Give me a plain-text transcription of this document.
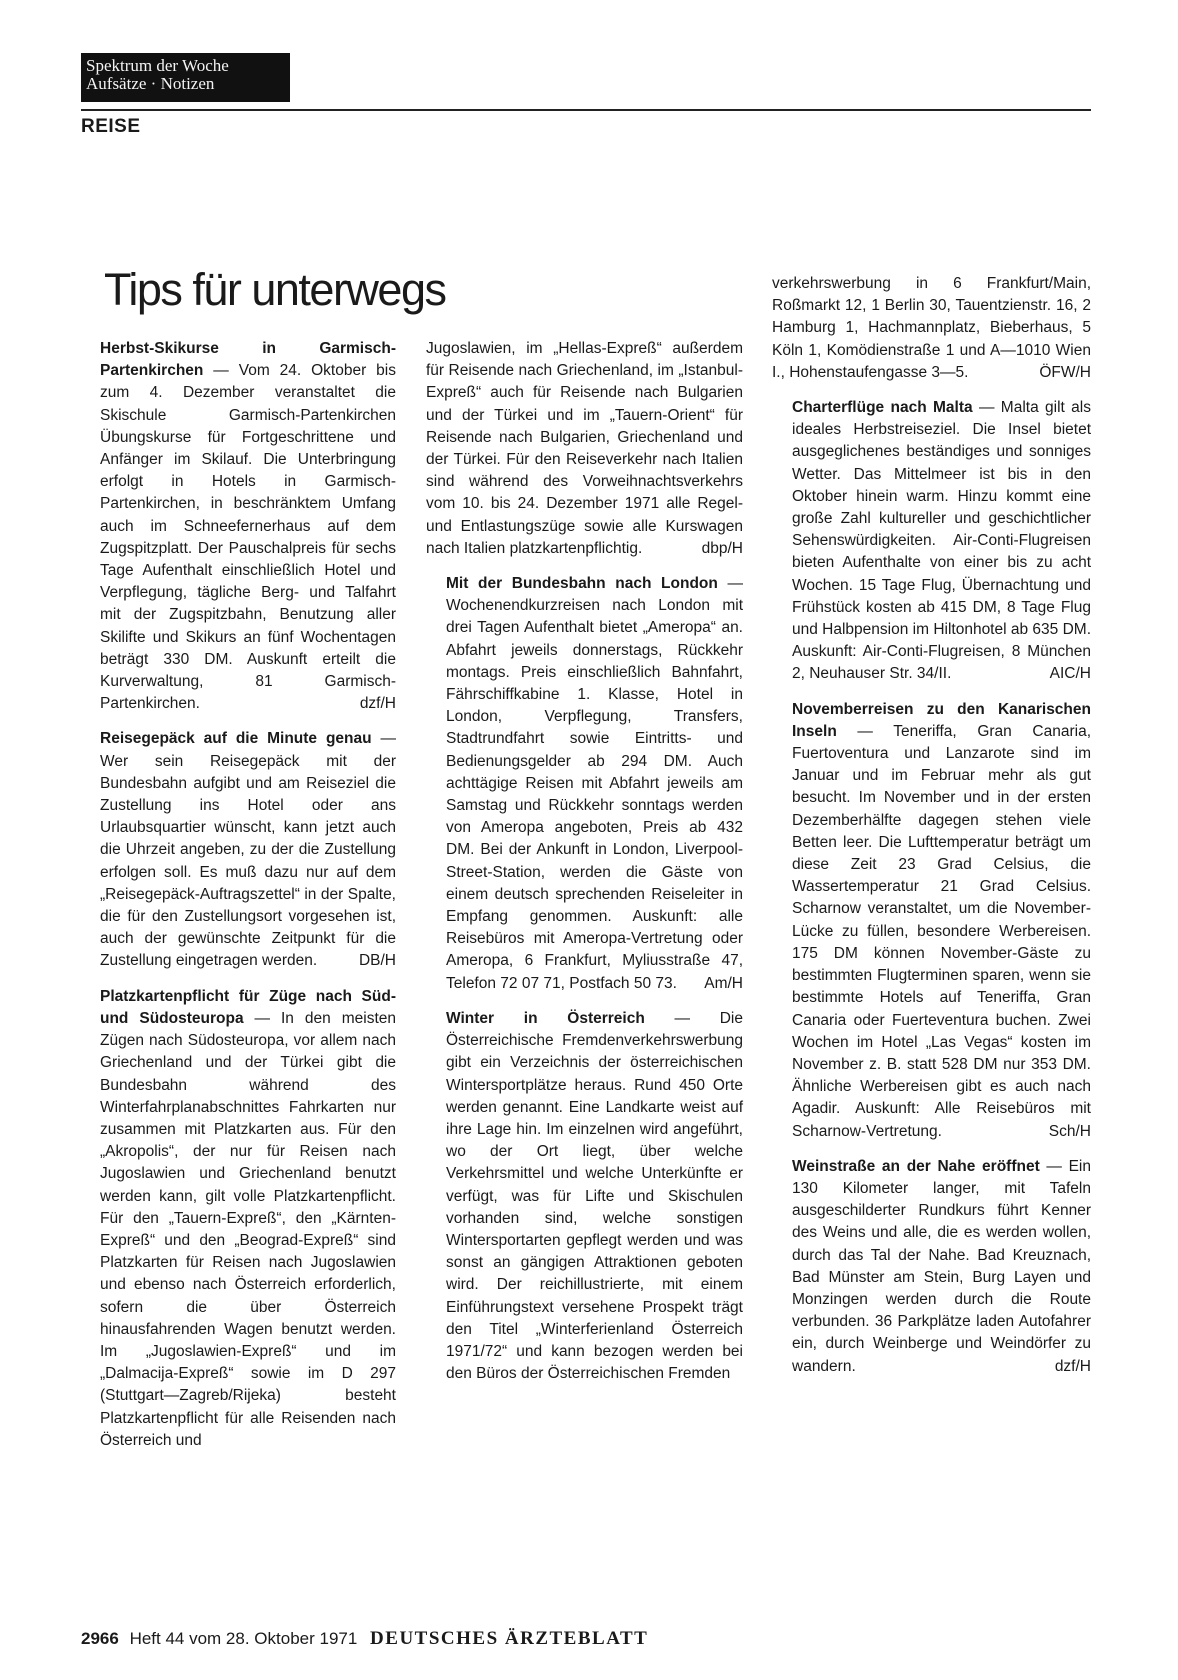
Spektrum der Woche
Aufsätze · Notizen
REISE
Tips für unterwegs

Herbst-Skikurse in Garmisch-Partenkirchen — Vom 24. Oktober bis zum 4. Dezember veranstaltet die Skischule Garmisch-Partenkirchen Übungskurse für Fortgeschrittene und Anfänger im Skilauf. Die Unterbringung erfolgt in Hotels in Garmisch-Partenkirchen, in beschränktem Umfang auch im Schneefernerhaus auf dem Zugspitzplatt. Der Pauschalpreis für sechs Tage Aufenthalt einschließlich Hotel und Verpflegung, tägliche Berg- und Talfahrt mit der Zugspitzbahn, Benutzung aller Skilifte und Skikurs an fünf Wochentagen beträgt 330 DM. Auskunft erteilt die Kurverwaltung, 81 Garmisch-Partenkirchen.	dzf/H

Reisegepäck auf die Minute genau — Wer sein Reisegepäck mit der Bundesbahn aufgibt und am Reiseziel die Zustellung ins Hotel oder ans Urlaubsquartier wünscht, kann jetzt auch die Uhrzeit angeben, zu der die Zustellung erfolgen soll. Es muß dazu nur auf dem „Reisegepäck-Auftragszettel“ in der Spalte, die für den Zustellungsort vorgesehen ist, auch der gewünschte Zeitpunkt für die Zustellung eingetragen werden.	DB/H

Platzkartenpflicht für Züge nach Süd- und Südosteuropa — In den meisten Zügen nach Südosteuropa, vor allem nach Griechenland und der Türkei gibt die Bundesbahn während des Winterfahrplanabschnittes Fahrkarten nur zusammen mit Platzkarten aus. Für den „Akropolis“, der nur für Reisen nach Jugoslawien und Griechenland benutzt werden kann, gilt volle Platzkartenpflicht. Für den „Tauern-Expreß“, den „Kärnten-Expreß“ und den „Beograd-Expreß“ sind Platzkarten für Reisen nach Jugoslawien und ebenso nach Österreich erforderlich, sofern die über Österreich hinausfahrenden Wagen benutzt werden. Im „Jugoslawien-Expreß“ und im „Dalmacija-Expreß“ sowie im D 297 (Stuttgart—Zagreb/Rijeka) besteht Platzkartenpflicht für alle Reisenden nach Österreich und

Jugoslawien, im „Hellas-Expreß“ außerdem für Reisende nach Griechenland, im „Istanbul-Expreß“ auch für Reisende nach Bulgarien und der Türkei und im „Tauern-Orient“ für Reisende nach Bulgarien, Griechenland und der Türkei. Für den Reiseverkehr nach Italien sind während des Vorweihnachtsverkehrs vom 10. bis 24. Dezember 1971 alle Regel- und Entlastungszüge sowie alle Kurswagen nach Italien platzkartenpflichtig.	dbp/H

Mit der Bundesbahn nach London — Wochenendkurzreisen nach London mit drei Tagen Aufenthalt bietet „Ameropa“ an. Abfahrt jeweils donnerstags, Rückkehr montags. Preis einschließlich Bahnfahrt, Fährschiffkabine 1. Klasse, Hotel in London, Verpflegung, Transfers, Stadtrundfahrt sowie Eintritts- und Bedienungsgelder ab 294 DM. Auch achttägige Reisen mit Abfahrt jeweils am Samstag und Rückkehr sonntags werden von Ameropa angeboten, Preis ab 432 DM. Bei der Ankunft in London, Liverpool-Street-Station, werden die Gäste von einem deutsch sprechenden Reiseleiter in Empfang genommen. Auskunft: alle Reisebüros mit Ameropa-Vertretung oder Ameropa, 6 Frankfurt, Myliusstraße 47, Telefon 72 07 71, Postfach 50 73.	Am/H

Winter in Österreich — Die Österreichische Fremdenverkehrswerbung gibt ein Verzeichnis der österreichischen Wintersportplätze heraus. Rund 450 Orte werden genannt. Eine Landkarte weist auf ihre Lage hin. Im einzelnen wird angeführt, wo der Ort liegt, über welche Verkehrsmittel und welche Unterkünfte er verfügt, was für Lifte und Skischulen vorhanden sind, welche sonstigen Wintersportarten gepflegt werden und was sonst an gängigen Attraktionen geboten wird. Der reichillustrierte, mit einem Einführungstext versehene Prospekt trägt den Titel „Winterferienland Österreich 1971/72“ und kann bezogen werden bei den Büros der Österreichischen Fremden

verkehrswerbung in 6 Frankfurt/Main, Roßmarkt 12, 1 Berlin 30, Tauentzienstr. 16, 2 Hamburg 1, Hachmannplatz, Bieberhaus, 5 Köln 1, Komödienstraße 1 und A—1010 Wien I., Hohenstaufengasse 3—5.	ÖFW/H

Charterflüge nach Malta — Malta gilt als ideales Herbstreiseziel. Die Insel bietet ausgeglichenes beständiges und sonniges Wetter. Das Mittelmeer ist bis in den Oktober hinein warm. Hinzu kommt eine große Zahl kultureller und geschichtlicher Sehenswürdigkeiten. Air-Conti-Flugreisen bieten Aufenthalte von einer bis zu acht Wochen. 15 Tage Flug, Übernachtung und Frühstück kosten ab 415 DM, 8 Tage Flug und Halbpension im Hiltonhotel ab 635 DM. Auskunft: Air-Conti-Flugreisen, 8 München 2, Neuhauser Str. 34/II.	AIC/H

Novemberreisen zu den Kanarischen Inseln — Teneriffa, Gran Canaria, Fuertoventura und Lanzarote sind im Januar und im Februar mehr als gut besucht. Im November und in der ersten Dezemberhälfte dagegen stehen viele Betten leer. Die Lufttemperatur beträgt um diese Zeit 23 Grad Celsius, die Wassertemperatur 21 Grad Celsius. Scharnow veranstaltet, um die November-Lücke zu füllen, besondere Werbereisen. 175 DM können November-Gäste zu bestimmten Flugterminen sparen, wenn sie bestimmte Hotels auf Teneriffa, Gran Canaria oder Fuerteventura buchen. Zwei Wochen im Hotel „Las Vegas“ kosten im November z. B. statt 528 DM nur 353 DM. Ähnliche Werbereisen gibt es auch nach Agadir. Auskunft: Alle Reisebüros mit Scharnow-Vertretung.	Sch/H

Weinstraße an der Nahe eröffnet — Ein 130 Kilometer langer, mit Tafeln ausgeschilderter Rundkurs führt Kenner des Weins und alle, die es werden wollen, durch das Tal der Nahe. Bad Kreuznach, Bad Münster am Stein, Burg Layen und Monzingen werden durch die Route verbunden. 36 Parkplätze laden Autofahrer ein, durch Weinberge und Weindörfer zu wandern.	dzf/H

2966 Heft 44 vom 28. Oktober 1971 DEUTSCHES ÄRZTEBLATT
